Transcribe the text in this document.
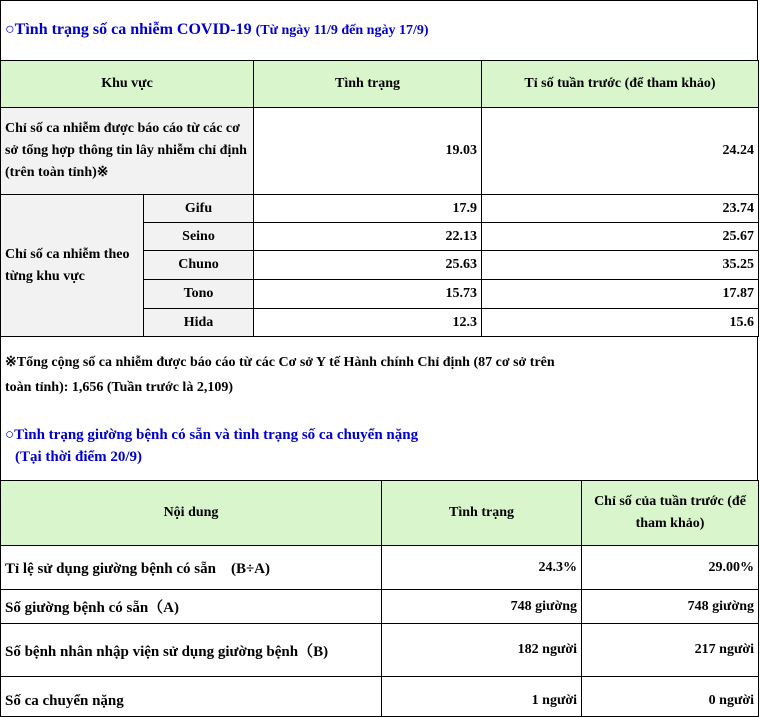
○Tình trạng số ca nhiễm COVID-19 (Từ ngày 11/9 đến ngày 17/9)
Khu vực		Tình trạng	Tỉ số tuần trước (để tham khảo)
Chỉ số ca nhiễm được báo cáo từ các cơ sở tổng hợp thông tin lây nhiễm chỉ định (trên toàn tỉnh)※		19.03	24.24
Chỉ số ca nhiễm theo từng khu vực	Gifu	17.9	23.74
	Seino	22.13	25.67
	Chuno	25.63	35.25
	Tono	15.73	17.87
	Hida	12.3	15.6
※Tổng cộng số ca nhiễm được báo cáo từ các Cơ sở Y tế Hành chính Chỉ định (87 cơ sở trên toàn tỉnh): 1,656 (Tuần trước là 2,109)
○Tình trạng giường bệnh có sẵn và tình trạng số ca chuyển nặng
(Tại thời điểm 20/9)
Nội dung	Tình trạng	Chỉ số của tuần trước (để tham khảo)
Tỉ lệ sử dụng giường bệnh có sẵn　(B÷A)	24.3%	29.00%
Số giường bệnh có sẵn（A)	748 giường	748 giường
Số bệnh nhân nhập viện sử dụng giường bệnh（B)	182 người	217 người

Số ca chuyển nặng	1 người	0 người
